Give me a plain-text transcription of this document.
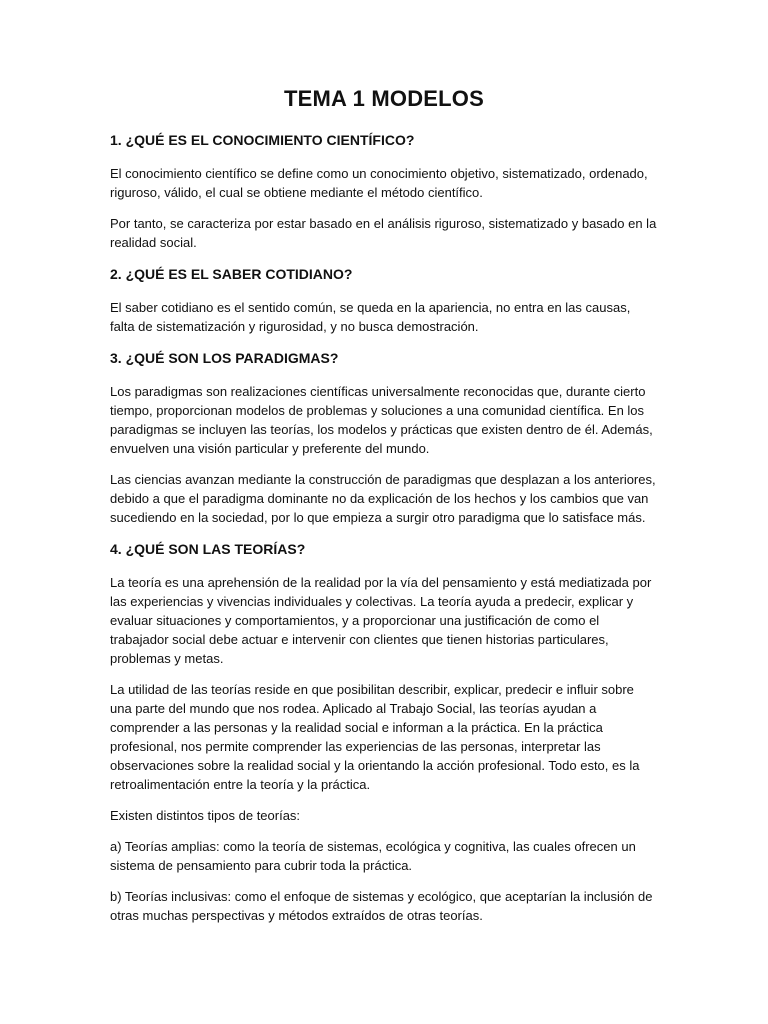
TEMA 1 MODELOS
1. ¿QUÉ ES EL CONOCIMIENTO CIENTÍFICO?

El conocimiento científico se define como un conocimiento objetivo, sistematizado, ordenado, riguroso, válido, el cual se obtiene mediante el método científico.

Por tanto, se caracteriza por estar basado en el análisis riguroso, sistematizado y basado en la realidad social.

2. ¿QUÉ ES EL SABER COTIDIANO?

El saber cotidiano es el sentido común, se queda en la apariencia, no entra en las causas, falta de sistematización y rigurosidad, y no busca demostración.

3. ¿QUÉ SON LOS PARADIGMAS?

Los paradigmas son realizaciones científicas universalmente reconocidas que, durante cierto tiempo, proporcionan modelos de problemas y soluciones a una comunidad científica. En los paradigmas se incluyen las teorías, los modelos y prácticas que existen dentro de él. Además, envuelven una visión particular y preferente del mundo.

Las ciencias avanzan mediante la construcción de paradigmas que desplazan a los anteriores, debido a que el paradigma dominante no da explicación de los hechos y los cambios que van sucediendo en la sociedad, por lo que empieza a surgir otro paradigma que lo satisface más.

4. ¿QUÉ SON LAS TEORÍAS?

La teoría es una aprehensión de la realidad por la vía del pensamiento y está mediatizada por las experiencias y vivencias individuales y colectivas. La teoría ayuda a predecir, explicar y evaluar situaciones y comportamientos, y a proporcionar una justificación de como el trabajador social debe actuar e intervenir con clientes que tienen historias particulares, problemas y metas.

La utilidad de las teorías reside en que posibilitan describir, explicar, predecir e influir sobre una parte del mundo que nos rodea. Aplicado al Trabajo Social, las teorías ayudan a comprender a las personas y la realidad social e informan a la práctica. En la práctica profesional, nos permite comprender las experiencias de las personas, interpretar las observaciones sobre la realidad social y la orientando la acción profesional. Todo esto, es la retroalimentación entre la teoría y la práctica.

Existen distintos tipos de teorías:

a) Teorías amplias: como la teoría de sistemas, ecológica y cognitiva, las cuales ofrecen un sistema de pensamiento para cubrir toda la práctica.

b) Teorías inclusivas: como el enfoque de sistemas y ecológico, que aceptarían la inclusión de otras muchas perspectivas y métodos extraídos de otras teorías.
